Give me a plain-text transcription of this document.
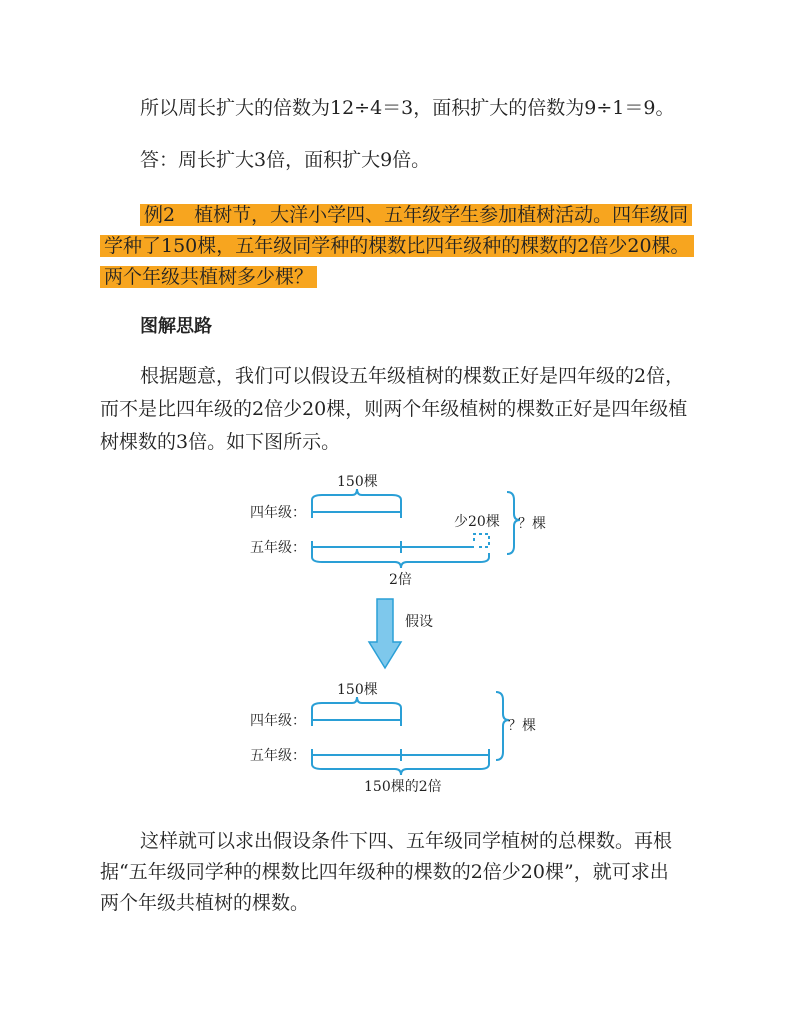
所以周长扩大的倍数为12÷4＝3，面积扩大的倍数为9÷1＝9。
答：周长扩大3倍，面积扩大9倍。
例2　植树节，大洋小学四、五年级学生参加植树活动。四年级同
学种了150棵，五年级同学种的棵数比四年级种的棵数的2倍少20棵。
两个年级共植树多少棵？
图解思路
根据题意，我们可以假设五年级植树的棵数正好是四年级的2倍，
而不是比四年级的2倍少20棵，则两个年级植树的棵数正好是四年级植
树棵数的3倍。如下图所示。
150棵
四年级：
五年级：
少20棵 ？棵
2倍
假设
150棵
四年级：
五年级：
？棵
150棵的2倍
这样就可以求出假设条件下四、五年级同学植树的总棵数。再根
据“五年级同学种的棵数比四年级种的棵数的2倍少20棵”，就可求出
两个年级共植树的棵数。
